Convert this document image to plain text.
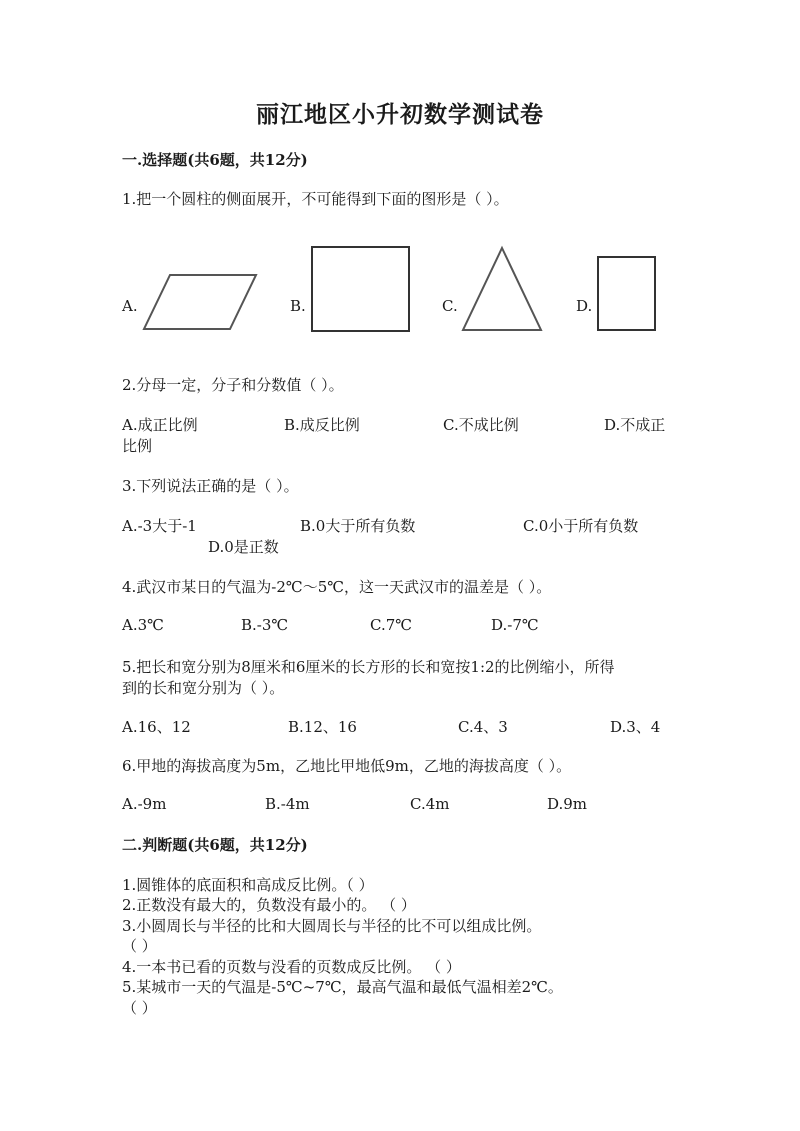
丽江地区小升初数学测试卷
一.选择题(共6题，共12分)
1.把一个圆柱的侧面展开，不可能得到下面的图形是（ ）。
A.	B.	C.	D.
2.分母一定，分子和分数值（ ）。
A.成正比例	B.成反比例	C.不成比例	D.不成正
比例
3.下列说法正确的是（ ）。
A.-3大于-1	B.0大于所有负数	C.0小于所有负数
D.0是正数
4.武汉市某日的气温为-2℃～5℃，这一天武汉市的温差是（ ）。
A.3℃	B.-3℃	C.7℃	D.-7℃
5.把长和宽分别为8厘米和6厘米的长方形的长和宽按1:2的比例缩小，所得
到的长和宽分别为（ ）。
A.16、12	B.12、16	C.4、3	D.3、4
6.甲地的海拔高度为5m，乙地比甲地低9m，乙地的海拔高度（ ）。
A.-9m	B.-4m	C.4m	D.9m
二.判断题(共6题，共12分)
1.圆锥体的底面积和高成反比例。（ ）
2.正数没有最大的，负数没有最小的。 （ ）
3.小圆周长与半径的比和大圆周长与半径的比不可以组成比例。
（ ）
4.一本书已看的页数与没看的页数成反比例。 （ ）
5.某城市一天的气温是-5℃~7℃，最高气温和最低气温相差2℃。
（ ）
